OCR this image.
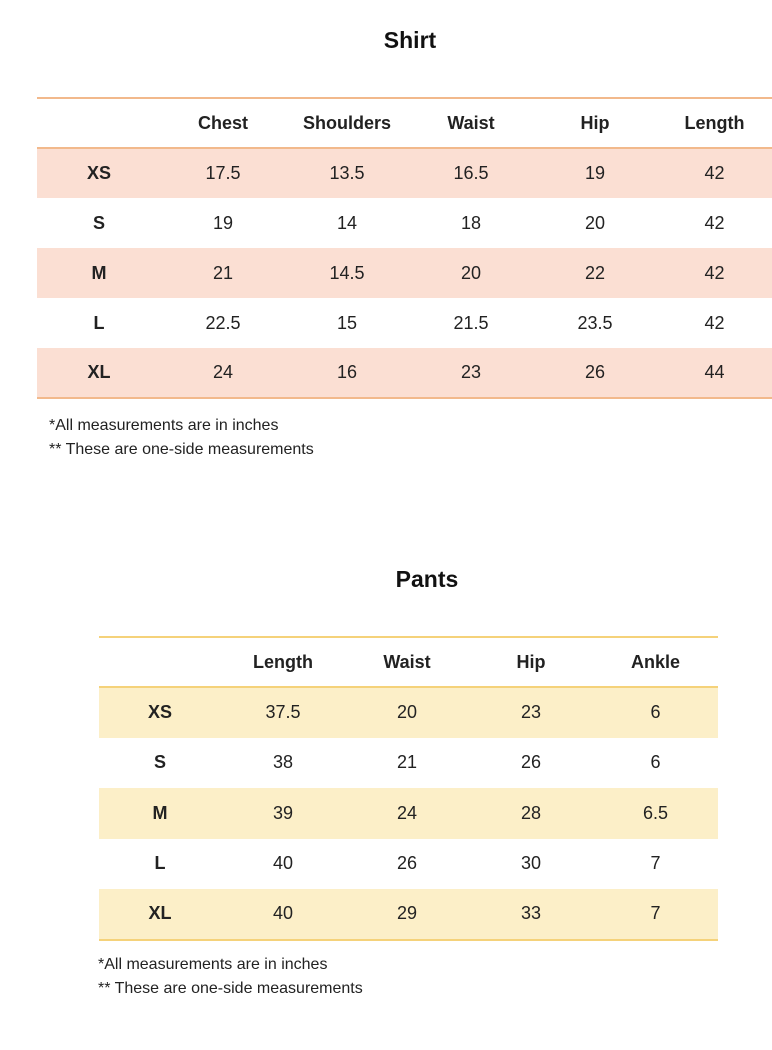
Shirt
	Chest	Shoulders	Waist	Hip	Length
XS	17.5	13.5	16.5	19	42
S	19	14	18	20	42
M	21	14.5	20	22	42
L	22.5	15	21.5	23.5	42
XL	24	16	23	26	44
*All measurements are in inches
** These are one-side measurements
Pants
	Length	Waist	Hip	Ankle
XS	37.5	20	23	6
S	38	21	26	6
M	39	24	28	6.5
L	40	26	30	7
XL	40	29	33	7
*All measurements are in inches
** These are one-side measurements
